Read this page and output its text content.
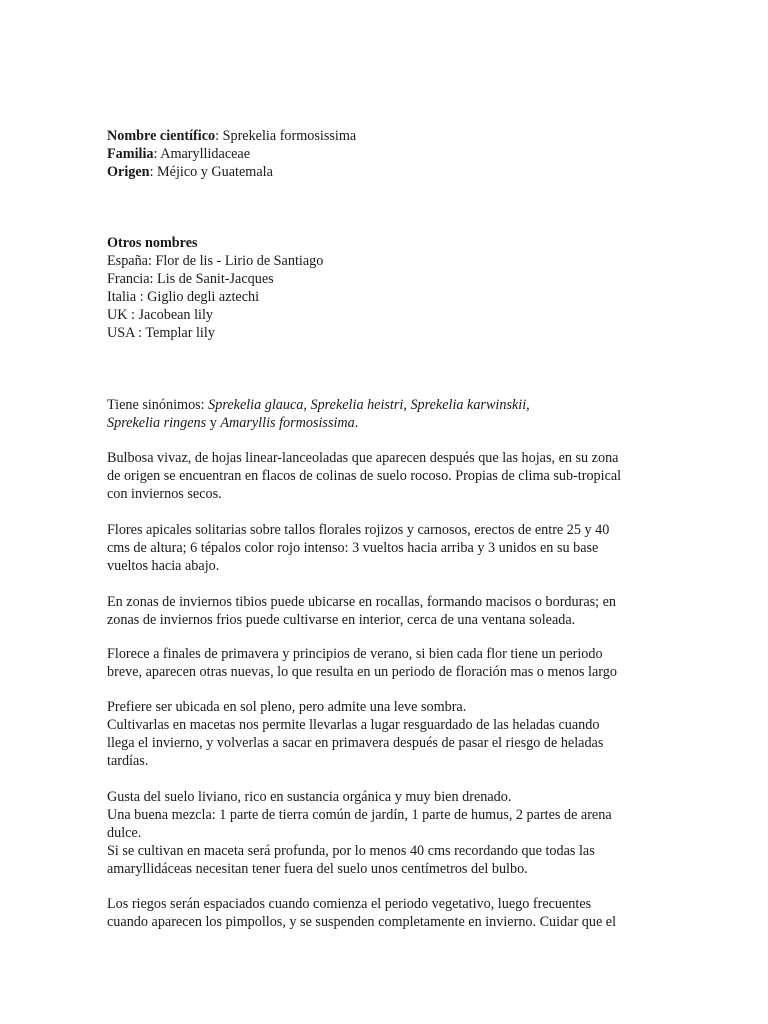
Nombre científico: Sprekelia formosissima
Familia: Amaryllidaceae
Origen: Méjico y Guatemala
Otros nombres
España: Flor de lis - Lirio de Santiago
Francia: Lis de Sanit-Jacques
Italia : Giglio degli aztechi
UK : Jacobean lily
USA : Templar lily
Tiene sinónimos: Sprekelia glauca, Sprekelia heistri, Sprekelia karwinskii,
Sprekelia ringens y Amaryllis formosissima.
Bulbosa vivaz, de hojas linear-lanceoladas que aparecen después que las hojas, en su zona
de origen se encuentran en flacos de colinas de suelo rocoso. Propias de clima sub-tropical
con inviernos secos.
Flores apicales solitarias sobre tallos florales rojizos y carnosos, erectos de entre 25 y 40
cms de altura; 6 tépalos color rojo intenso: 3 vueltos hacia arriba y 3 unidos en su base
vueltos hacia abajo.
En zonas de inviernos tibios puede ubicarse en rocallas, formando macisos o borduras; en
zonas de inviernos frios puede cultivarse en interior, cerca de una ventana soleada.
Florece a finales de primavera y principios de verano, si bien cada flor tiene un periodo
breve, aparecen otras nuevas, lo que resulta en un periodo de floración mas o menos largo
Prefiere ser ubicada en sol pleno, pero admite una leve sombra.
Cultivarlas en macetas nos permite llevarlas a lugar resguardado de las heladas cuando
llega el invierno, y volverlas a sacar en primavera después de pasar el riesgo de heladas
tardías.
Gusta del suelo liviano, rico en sustancia orgánica y muy bien drenado.
Una buena mezcla: 1 parte de tierra común de jardín, 1 parte de humus, 2 partes de arena
dulce.
Si se cultivan en maceta será profunda, por lo menos 40 cms recordando que todas las
amaryllidáceas necesitan tener fuera del suelo unos centímetros del bulbo.
Los riegos serán espaciados cuando comienza el periodo vegetativo, luego frecuentes
cuando aparecen los pimpollos, y se suspenden completamente en invierno. Cuidar que el
